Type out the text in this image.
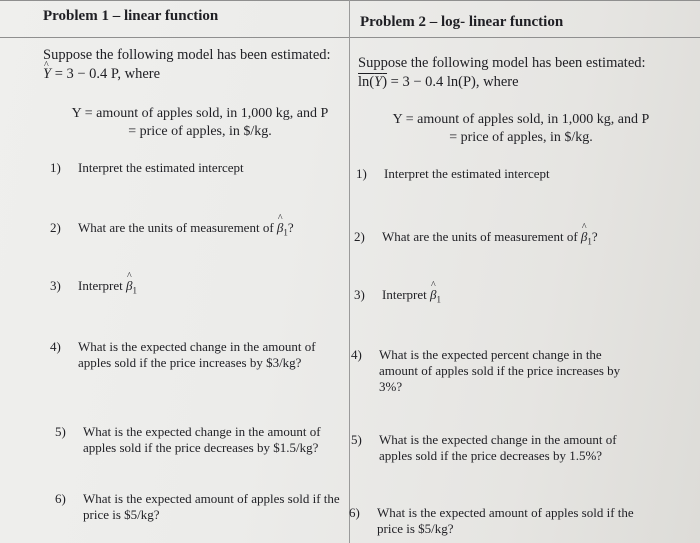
Problem 1 – linear function
Suppose the following model has been estimated:
^ Y = 3 − 0.4 P, where
Y = amount of apples sold, in 1,000 kg, and P
= price of apples, in $/kg.
1)	Interpret the estimated intercept
2)	What are the units of measurement of ^ $\beta_1$?
3)	Interpret ^ $\beta_1$
4)	What is the expected change in the amount of apples sold if the price increases by $3/kg?
5)	What is the expected change in the amount of apples sold if the price decreases by $1.5/kg?
6)	What is the expected amount of apples sold if the price is $5/kg?
Problem 2 – log- linear function
Suppose the following model has been estimated:
ln(Y) = 3 − 0.4 ln(P), where
Y = amount of apples sold, in 1,000 kg, and P
= price of apples, in $/kg.
1)	Interpret the estimated intercept
2)	What are the units of measurement of ^ $\beta_1$?
3)	Interpret ^ $\beta_1$
4)	What is the expected percent change in the amount of apples sold if the price increases by 3%?
5)	What is the expected change in the amount of apples sold if the price decreases by 1.5%?
6)	What is the expected amount of apples sold if the price is $5/kg?
